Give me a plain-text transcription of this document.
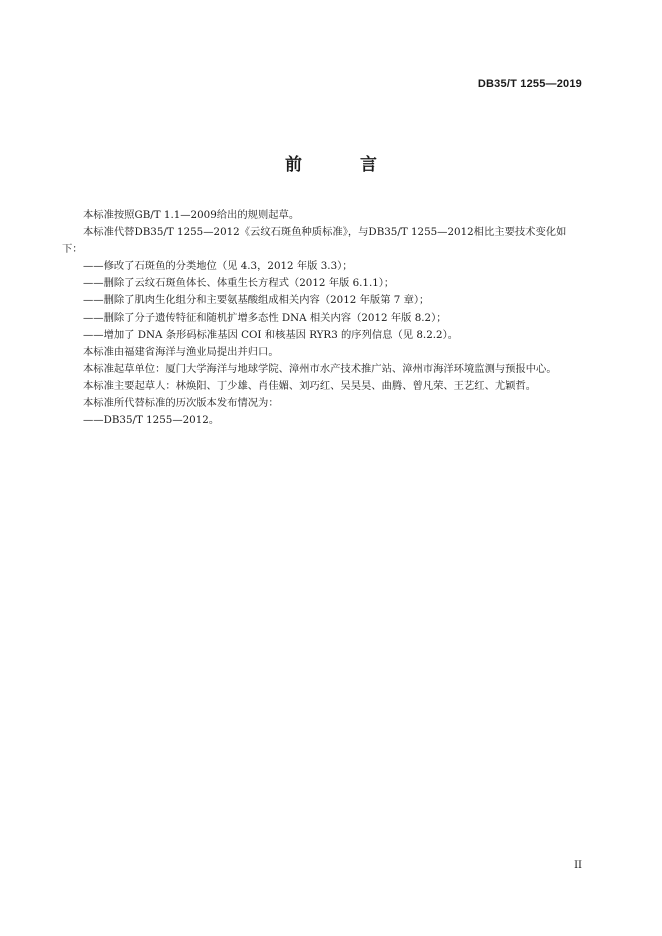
DB35/T 1255—2019
前 言

本标准按照GB/T 1.1—2009给出的规则起草。

本标准代替DB35/T 1255—2012《云纹石斑鱼种质标准》，与DB35/T 1255—2012相比主要技术变化如下：

——修改了石斑鱼的分类地位（见 4.3，2012 年版 3.3）；

——删除了云纹石斑鱼体长、体重生长方程式（2012 年版 6.1.1）；

——删除了肌肉生化组分和主要氨基酸组成相关内容（2012 年版第 7 章）；

——删除了分子遗传特征和随机扩增多态性 DNA 相关内容（2012 年版 8.2）；

——增加了 DNA 条形码标准基因 COI 和核基因 RYR3 的序列信息（见 8.2.2）。

本标准由福建省海洋与渔业局提出并归口。

本标准起草单位：厦门大学海洋与地球学院、漳州市水产技术推广站、漳州市海洋环境监测与预报中心。

本标准主要起草人：林焕阳、丁少雄、肖佳媚、刘巧红、吴昊昊、曲腾、曾凡荣、王艺红、尤颖哲。

本标准所代替标准的历次版本发布情况为：

——DB35/T 1255—2012。

II
